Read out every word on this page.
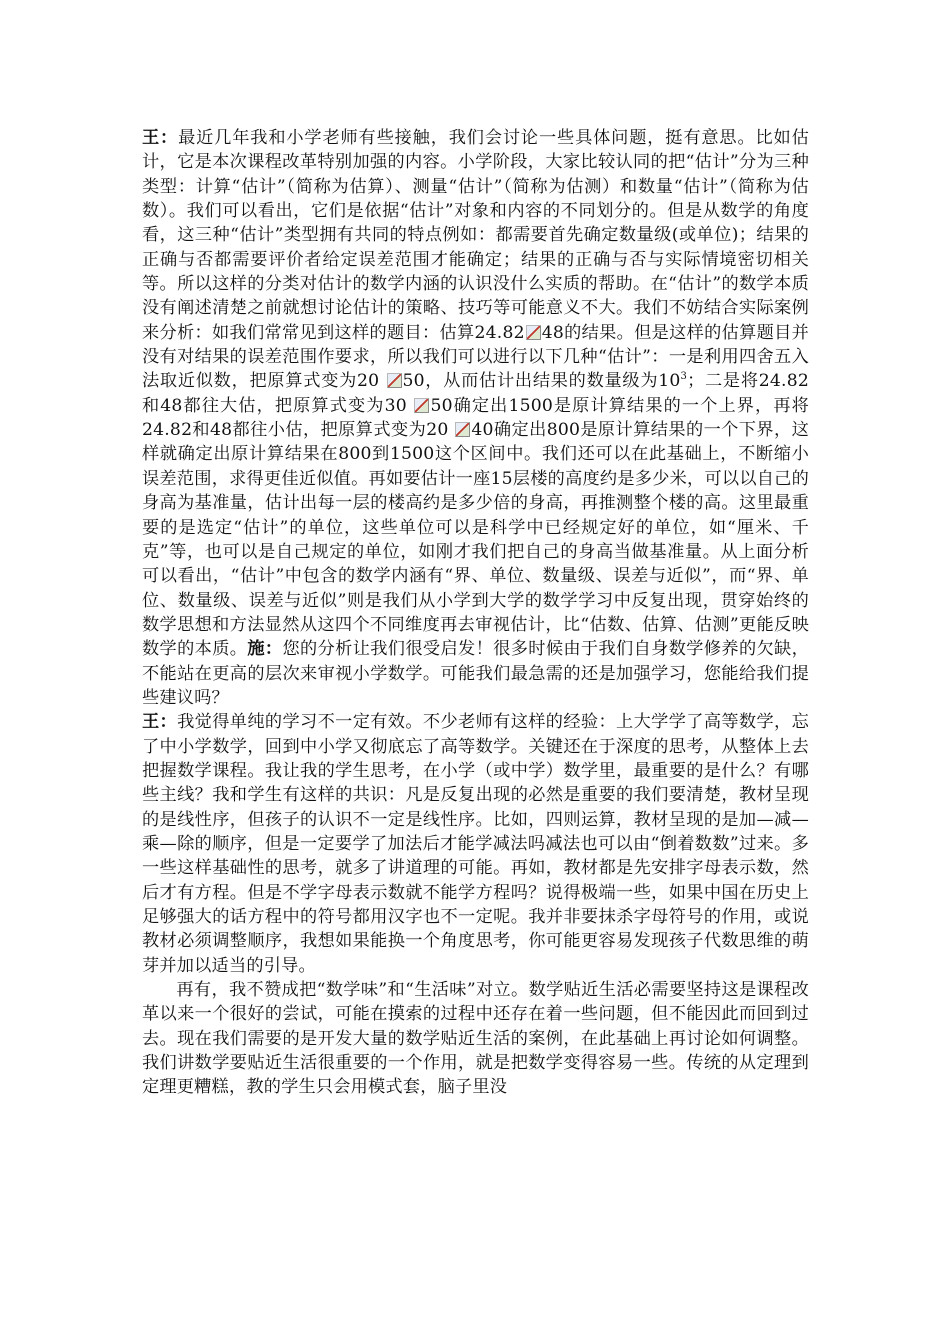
王：最近几年我和小学老师有些接触，我们会讨论一些具体问题，挺有意思。比如估计，它是本次课程改革特别加强的内容。小学阶段，大家比较认同的把“估计”分为三种类型：计算“估计”（简称为估算）、测量“估计”（简称为估测）和数量“估计”（简称为估数）。我们可以看出，它们是依据“估计”对象和内容的不同划分的。但是从数学的角度看，这三种“估计”类型拥有共同的特点例如：都需要首先确定数量级(或单位)；结果的正确与否都需要评价者给定误差范围才能确定；结果的正确与否与实际情境密切相关等。所以这样的分类对估计的数学内涵的认识没什么实质的帮助。在“估计”的数学本质没有阐述清楚之前就想讨论估计的策略、技巧等可能意义不大。我们不妨结合实际案例来分析：如我们常常见到这样的题目：估算24.82 48的结果。但是这样的估算题目并没有对结果的误差范围作要求，所以我们可以进行以下几种“估计”：一是利用四舍五入法取近似数，把原算式变为20 50，从而估计出结果的数量级为$10^3$；二是将24.82和48都往大估，把原算式变为30 50确定出1500是原计算结果的一个上界，再将24.82和48都往小估，把原算式变为20 40确定出800是原计算结果的一个下界，这样就确定出原计算结果在800到1500这个区间中。我们还可以在此基础上，不断缩小误差范围，求得更佳近似值。再如要估计一座15层楼的高度约是多少米，可以以自己的身高为基准量，估计出每一层的楼高约是多少倍的身高，再推测整个楼的高。这里最重要的是选定“估计”的单位，这些单位可以是科学中已经规定好的单位，如“厘米、千克”等，也可以是自己规定的单位，如刚才我们把自己的身高当做基准量。从上面分析可以看出，“估计”中包含的数学内涵有“界、单位、数量级、误差与近似”，而“界、单位、数量级、误差与近似”则是我们从小学到大学的数学学习中反复出现，贯穿始终的数学思想和方法显然从这四个不同维度再去审视估计，比“估数、估算、估测”更能反映数学的本质。施：您的分析让我们很受启发！很多时候由于我们自身数学修养的欠缺，不能站在更高的层次来审视小学数学。可能我们最急需的还是加强学习，您能给我们提些建议吗？

王：我觉得单纯的学习不一定有效。不少老师有这样的经验：上大学学了高等数学，忘了中小学数学，回到中小学又彻底忘了高等数学。关键还在于深度的思考，从整体上去把握数学课程。我让我的学生思考，在小学（或中学）数学里，最重要的是什么？有哪些主线？我和学生有这样的共识：凡是反复出现的必然是重要的我们要清楚，教材呈现的是线性序，但孩子的认识不一定是线性序。比如，四则运算，教材呈现的是加—减—乘—除的顺序，但是一定要学了加法后才能学减法吗减法也可以由“倒着数数”过来。多一些这样基础性的思考，就多了讲道理的可能。再如，教材都是先安排字母表示数，然后才有方程。但是不学字母表示数就不能学方程吗？说得极端一些，如果中国在历史上足够强大的话方程中的符号都用汉字也不一定呢。我并非要抹杀字母符号的作用，或说教材必须调整顺序，我想如果能换一个角度思考，你可能更容易发现孩子代数思维的萌芽并加以适当的引导。

再有，我不赞成把“数学味”和“生活味”对立。数学贴近生活必需要坚持这是课程改革以来一个很好的尝试，可能在摸索的过程中还存在着一些问题，但不能因此而回到过去。现在我们需要的是开发大量的数学贴近生活的案例，在此基础上再讨论如何调整。我们讲数学要贴近生活很重要的一个作用，就是把数学变得容易一些。传统的从定理到定理更糟糕，教的学生只会用模式套，脑子里没
